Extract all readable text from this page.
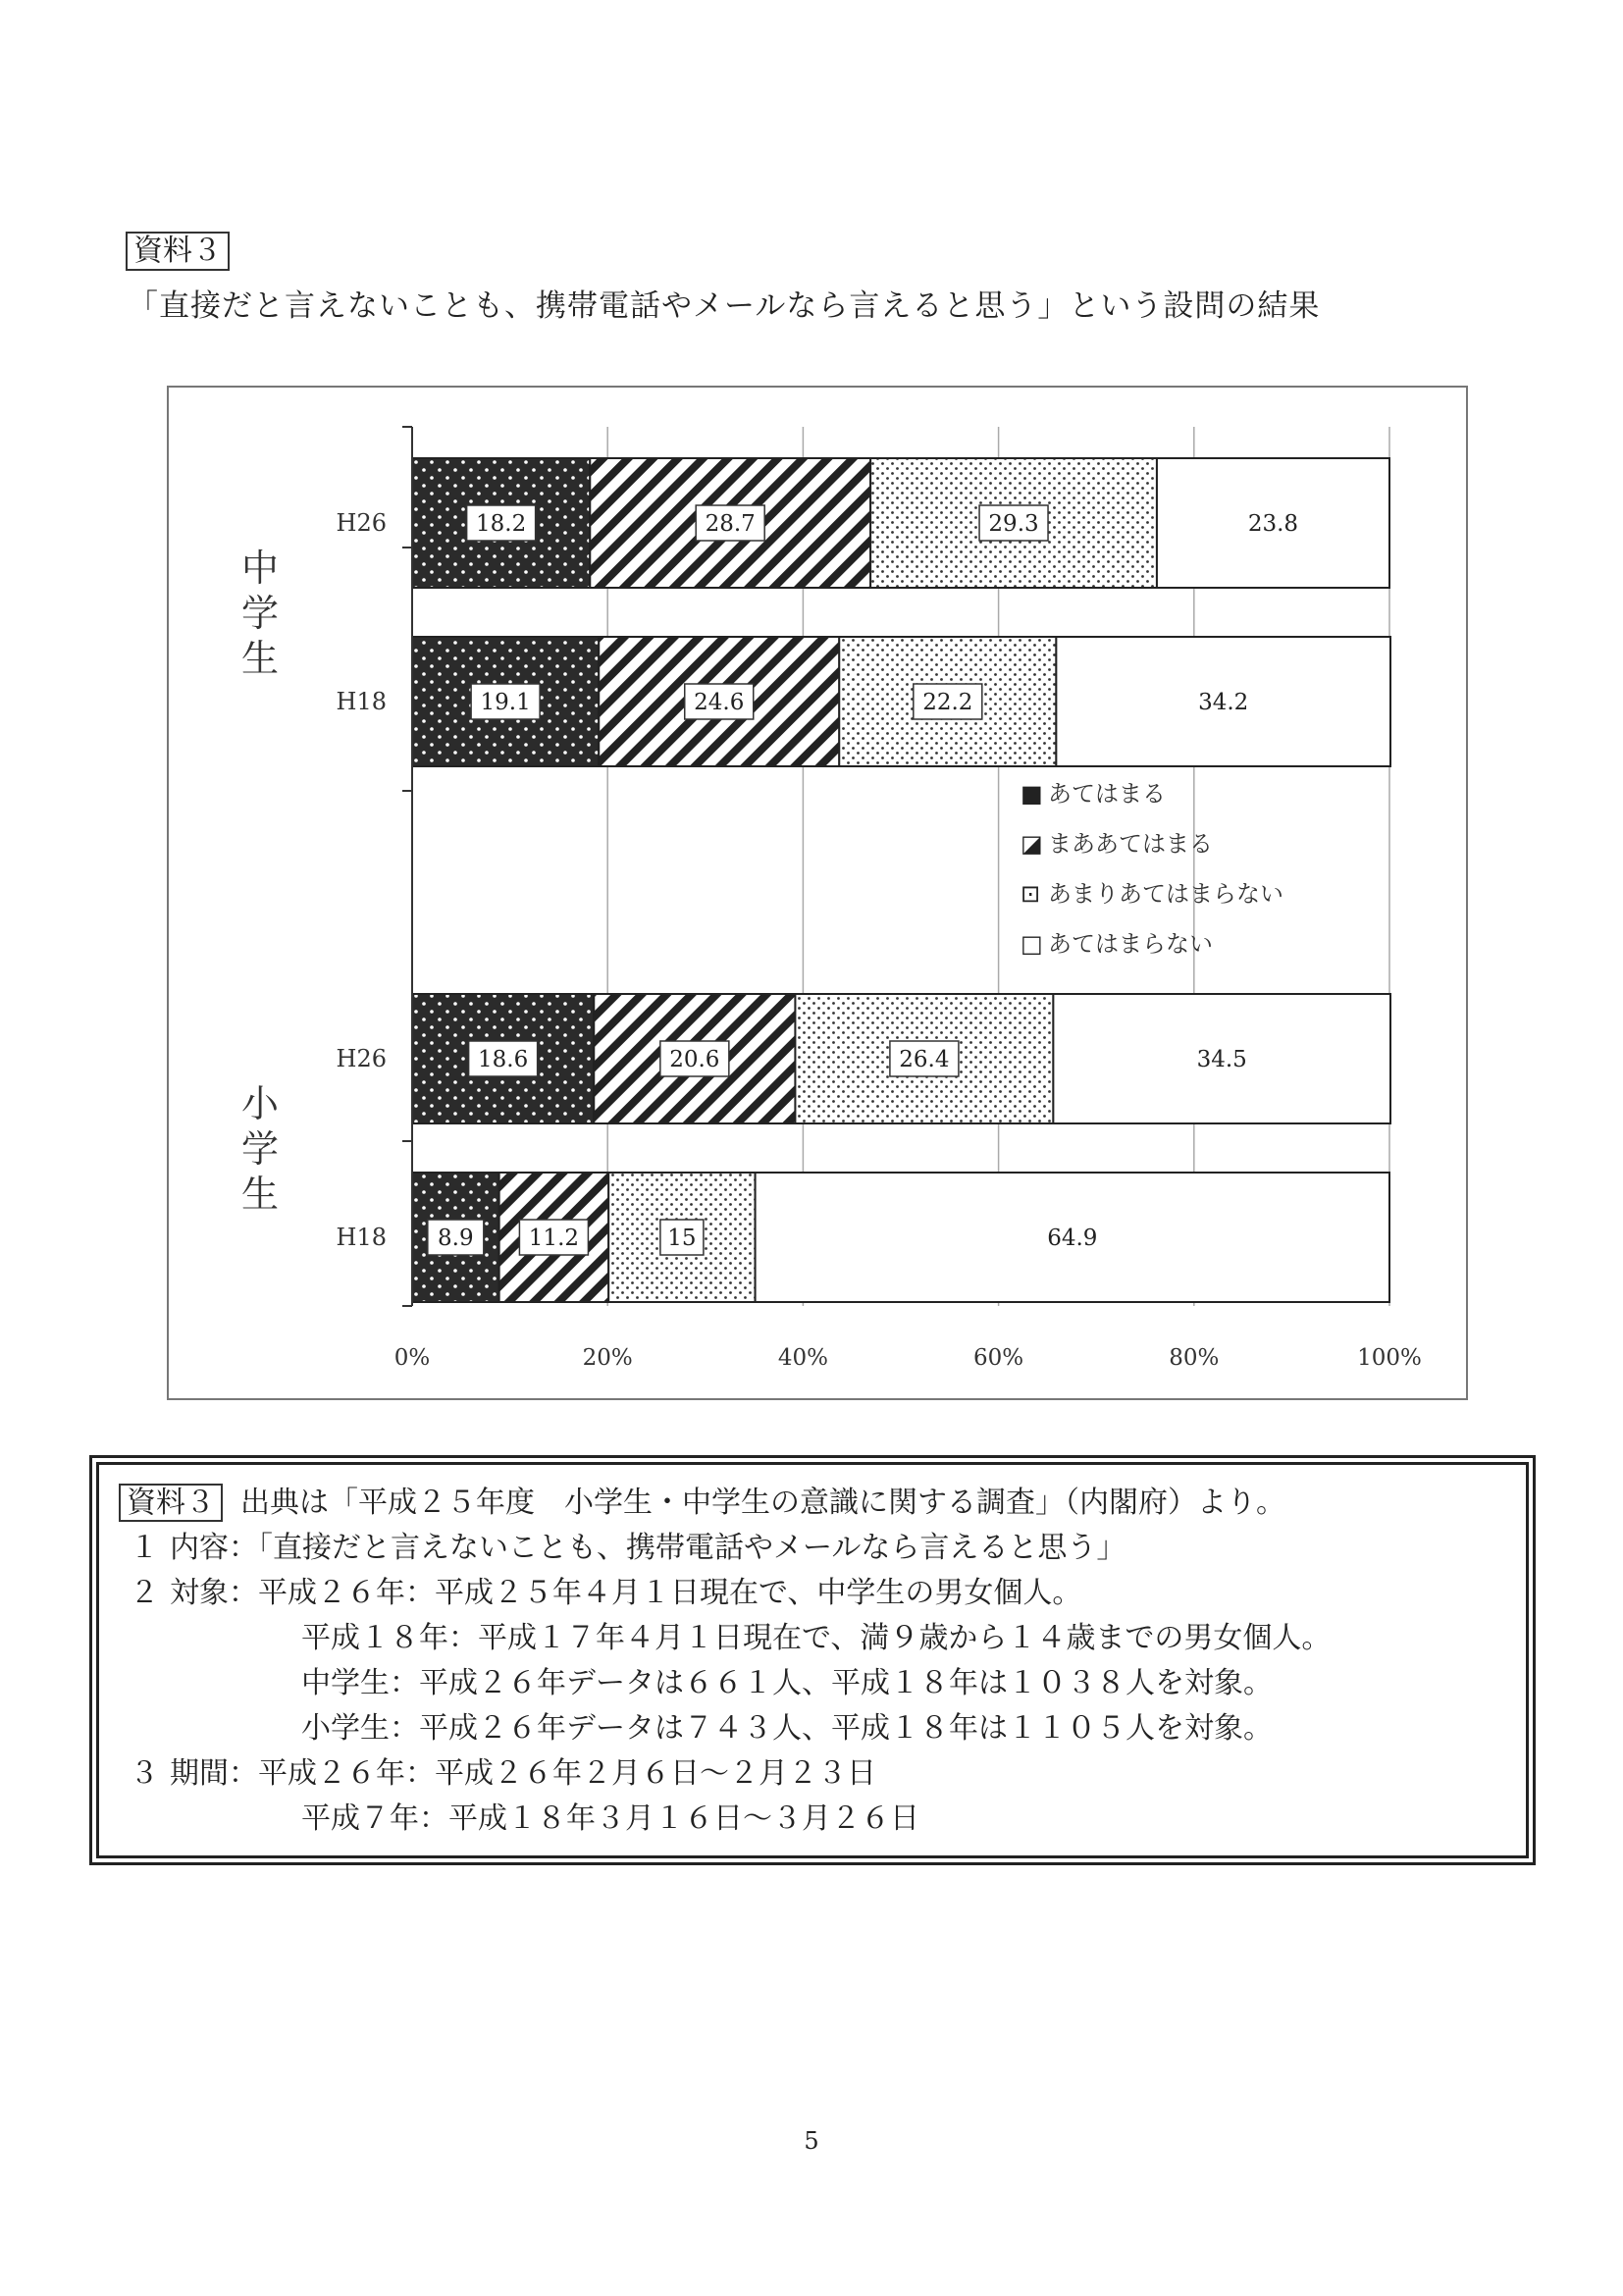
資料３
「直接だと言えないことも、携帯電話やメールなら言えると思う」という設問の結果
18.2	28.7	29.3	23.8
19.1	24.6	22.2	34.2
18.6	20.6	26.4	34.5
8.9 11.2	15	64.9
H26
H18
H26
H18
0%	20%	40%	60%	80%	100%
中
学
生
小
学
生
■ あてはまる
◪ まああてはまる
⊡ あまりあてはまらない
□ あてはまらない
資料３ 出典は「平成２５年度　小学生・中学生の意識に関する調査」（内閣府）より。
１ 内容：「直接だと言えないことも、携帯電話やメールなら言えると思う」
２ 対象：平成２６年：平成２５年４月１日現在で、中学生の男女個人。
平成１８年：平成１７年４月１日現在で、満９歳から１４歳までの男女個人。
中学生：平成２６年データは６６１人、平成１８年は１０３８人を対象。
小学生：平成２６年データは７４３人、平成１８年は１１０５人を対象。
３ 期間：平成２６年：平成２６年２月６日～２月２３日
平成７年：平成１８年３月１６日～３月２６日
5
